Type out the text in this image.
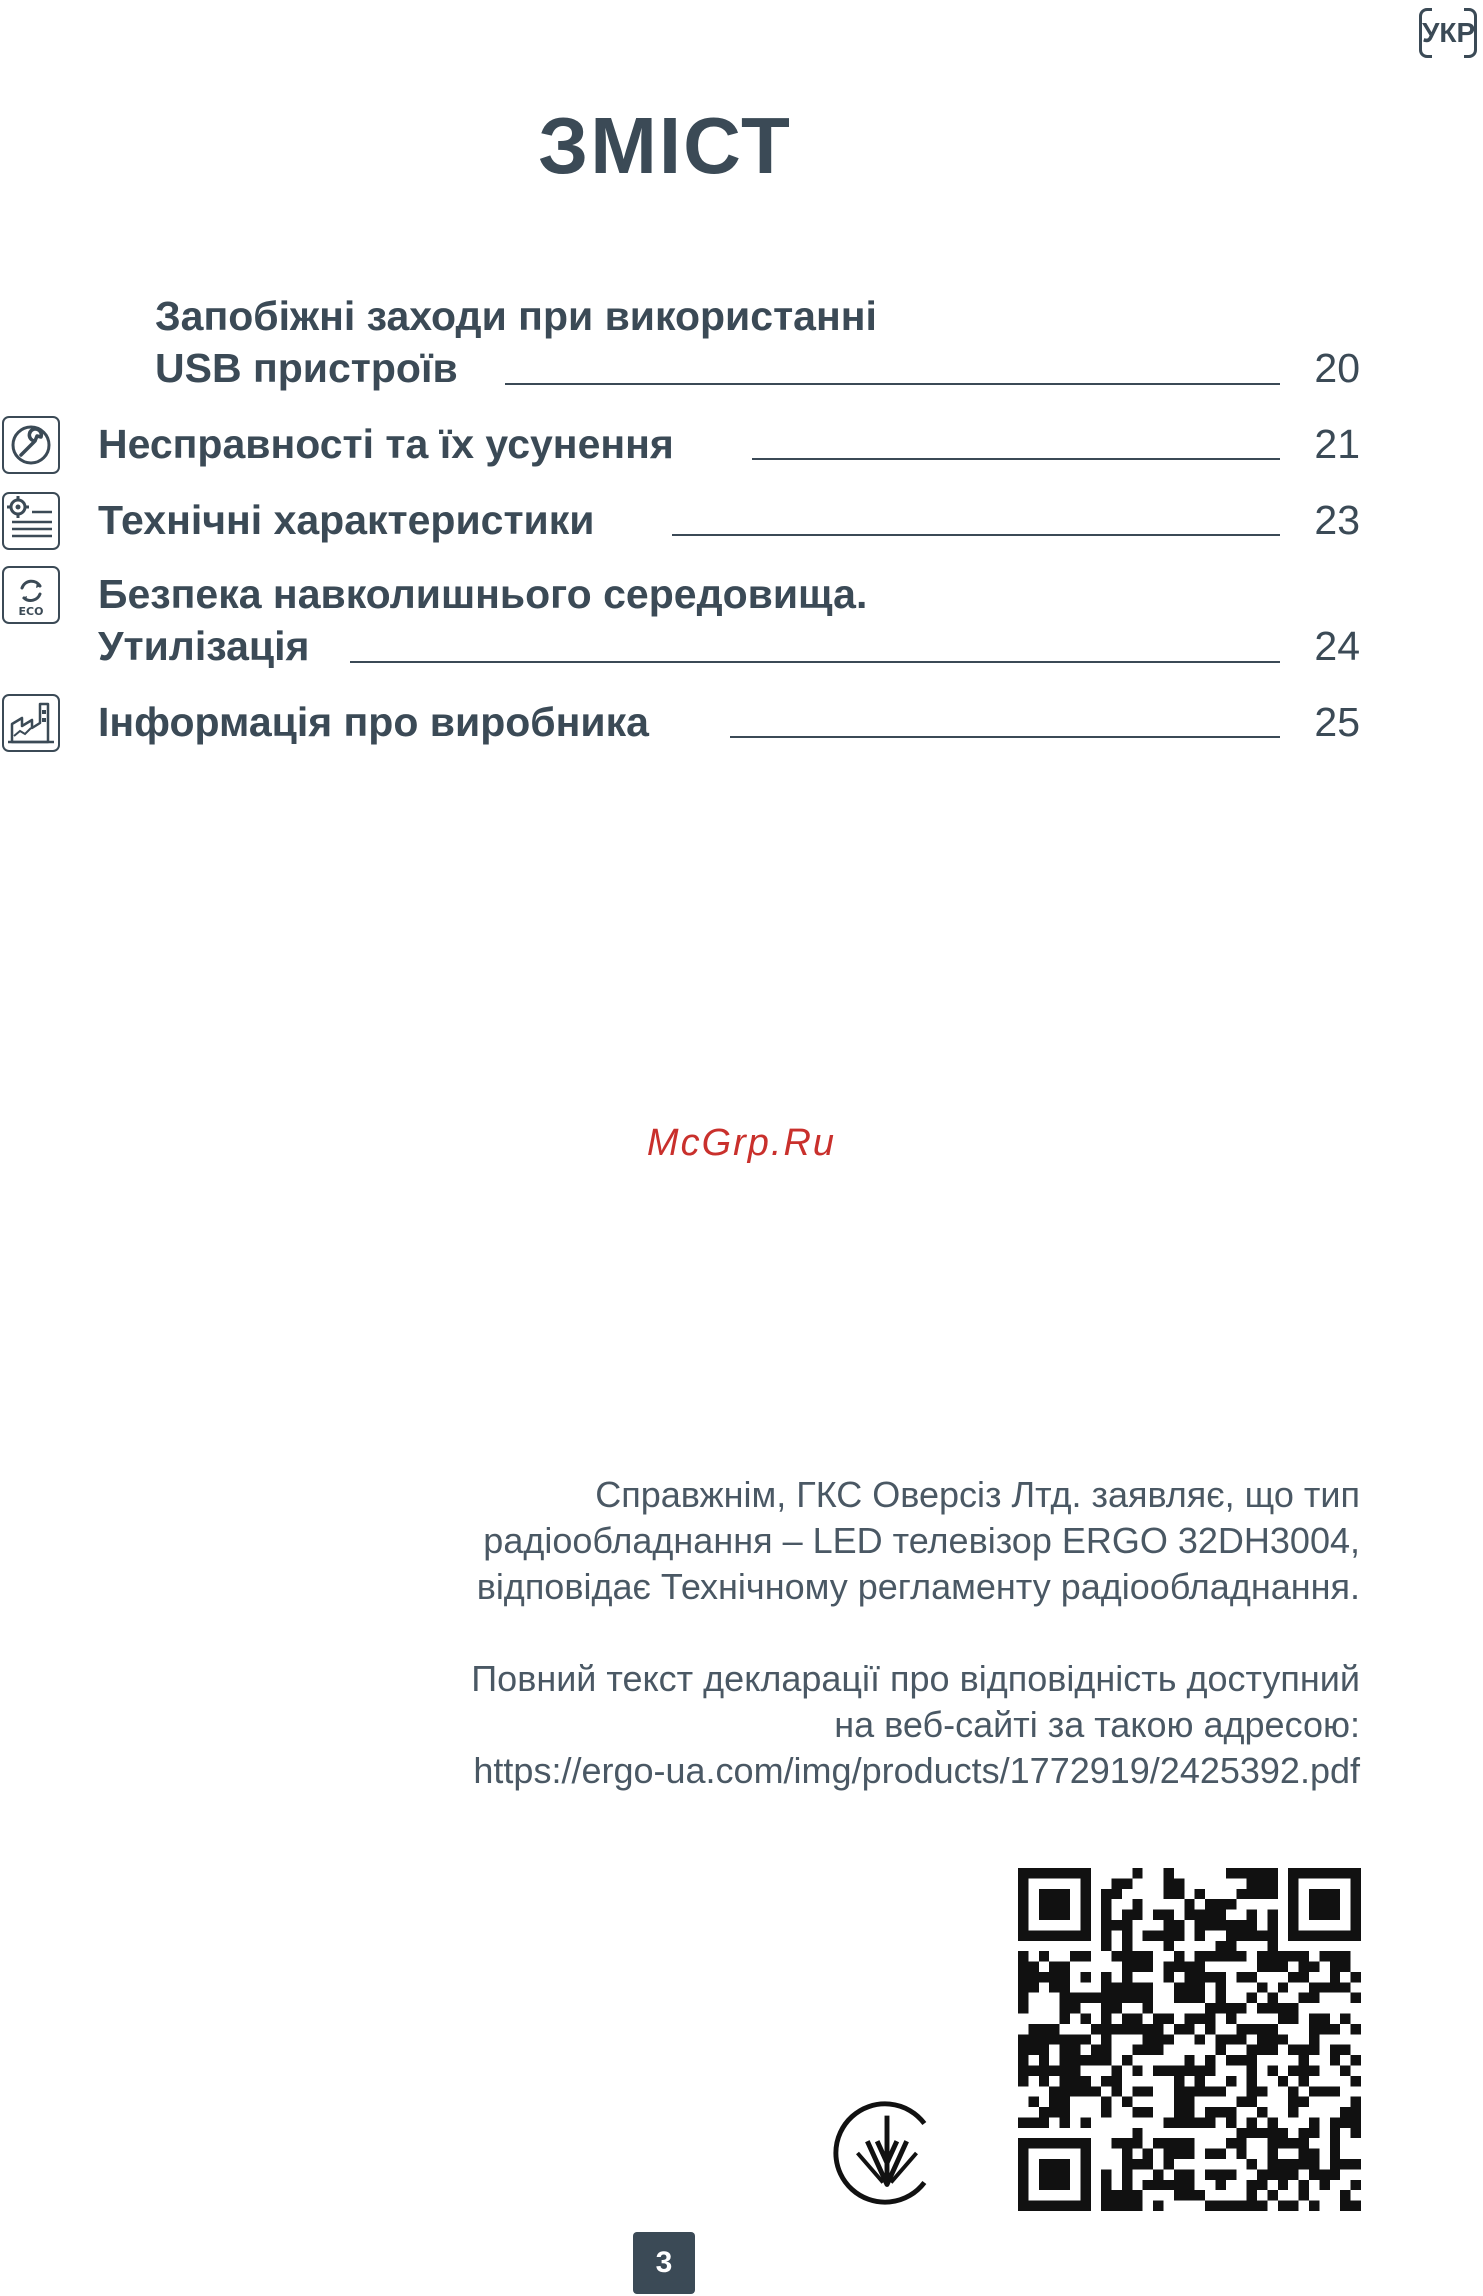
УКР
ЗМІСТ
Запобіжні заходи при використанні
USB пристроїв	20
Несправності та їх усунення	21
Технічні характеристики	23
ECO Безпека навколишнього середовища.
Утилізація	24
Інформація про виробника	25
McGrp.Ru

Справжнім, ГКС Оверсіз Лтд. заявляє, що тип
радіообладнання – LED телевізор ERGO 32DH3004,
відповідає Технічному регламенту радіообладнання.

Повний текст декларації про відповідність доступний
на веб-сайті за такою адресою:
https://ergo-ua.com/img/products/1772919/2425392.pdf

3
